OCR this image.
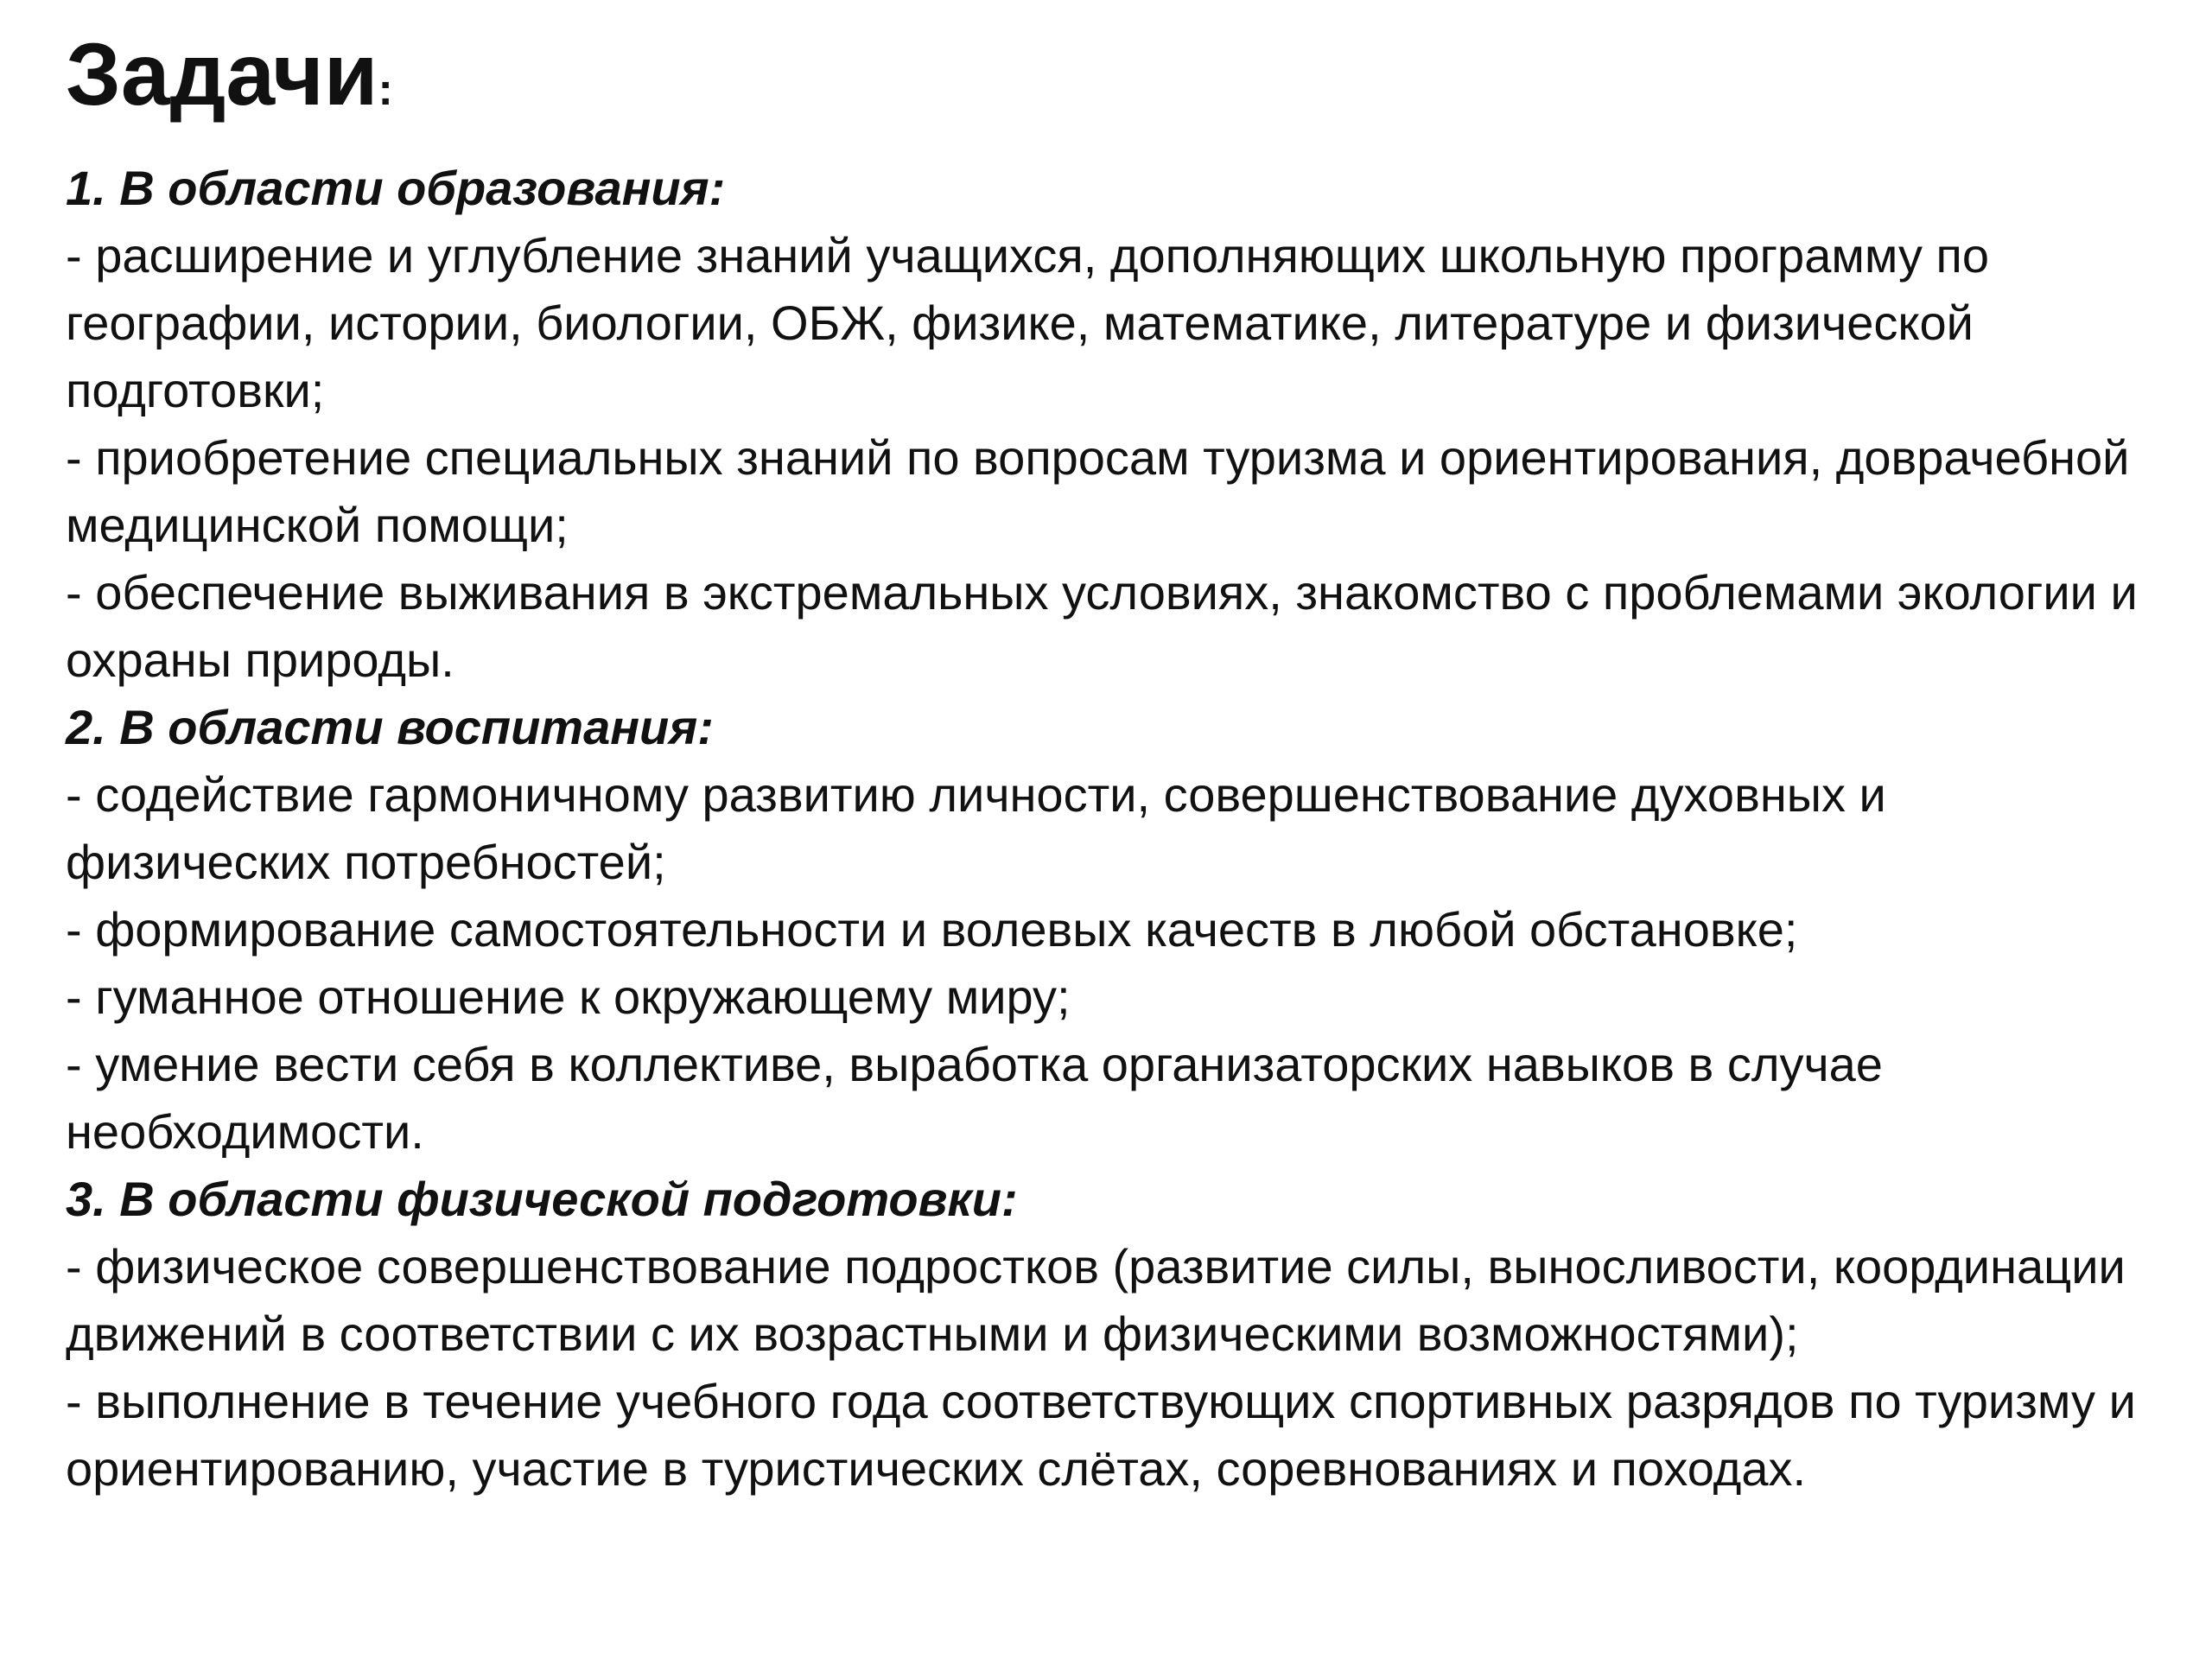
Задачи:

1. В области образования:

- расширение и углубление знаний учащихся, дополняющих школьную программу по географии, истории, биологии, ОБЖ, физике, математике, литературе и физической подготовки;

- приобретение специальных знаний по вопросам туризма и ориентирования, доврачебной медицинской помощи;

- обеспечение выживания в экстремальных условиях, знакомство с проблемами экологии и охраны природы.

2. В области воспитания:

- содействие гармоничному развитию личности, совершенствование духовных и физических потребностей;

- формирование самостоятельности и волевых качеств в любой обстановке;

- гуманное отношение к окружающему миру;

- умение вести себя в коллективе, выработка организаторских навыков в случае необходимости.

3. В области физической подготовки:

- физическое совершенствование подростков (развитие силы, выносливости, координации движений в соответствии с их возрастными и физическими возможностями);

- выполнение в течение учебного года соответствующих спортивных разрядов по туризму и ориентированию, участие в туристических слётах, соревнованиях и походах.
